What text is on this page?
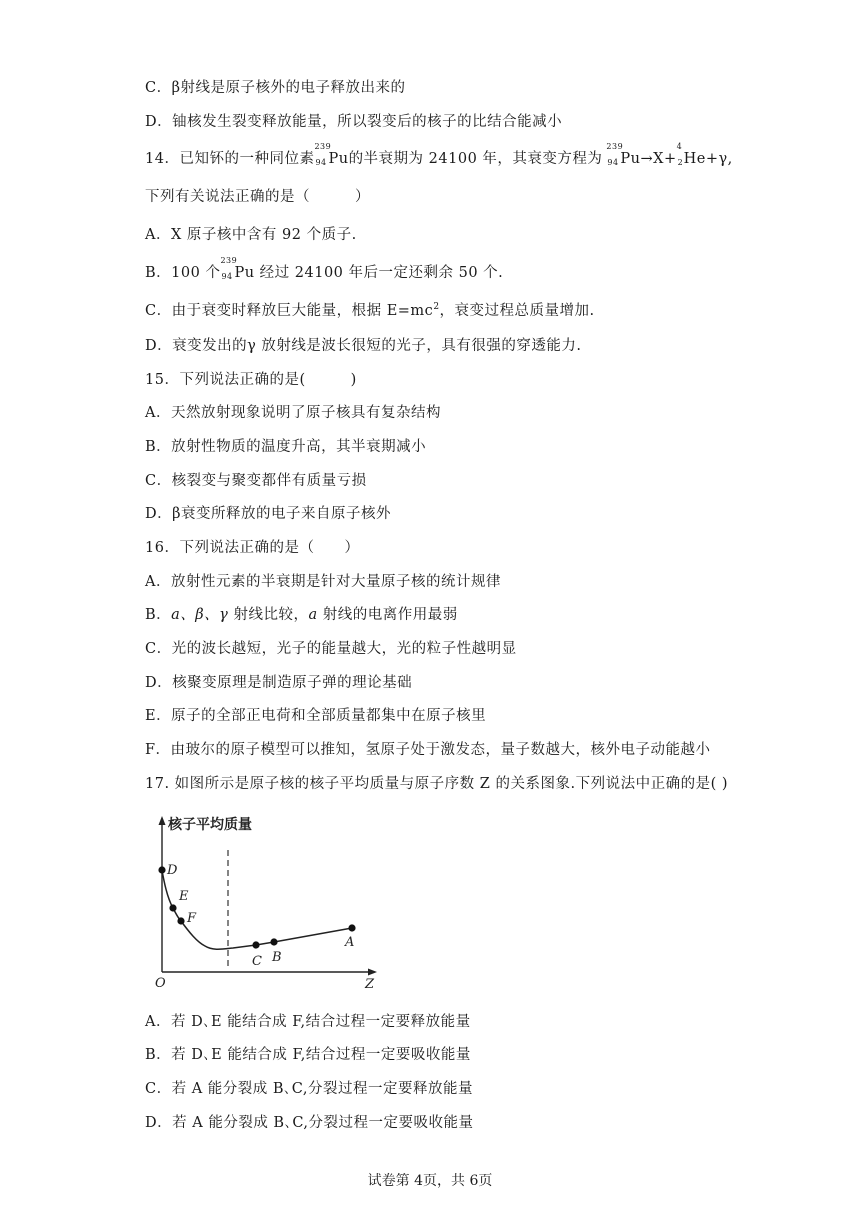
C．β射线是原子核外的电子释放出来的
D．铀核发生裂变释放能量，所以裂变后的核子的比结合能减小
14．已知钚的一种同位素
239
94 Pu的半衰期为 24100 年，其衰变方程为
239
94 Pu→X+
4
2 He+γ,
下列有关说法正确的是（　　　）
A．X 原子核中含有 92 个质子.
B．100 个
239
94 Pu 经过 24100 年后一定还剩余 50 个.
C．由于衰变时释放巨大能量，根据 $E=mc^2$，衰变过程总质量增加.
D．衰变发出的γ 放射线是波长很短的光子，具有很强的穿透能力.
15．下列说法正确的是(　　　)
A．天然放射现象说明了原子核具有复杂结构
B．放射性物质的温度升高，其半衰期减小
C．核裂变与聚变都伴有质量亏损
D．β衰变所释放的电子来自原子核外
16．下列说法正确的是（　　）
A．放射性元素的半衰期是针对大量原子核的统计规律
B．a、β、γ 射线比较，a 射线的电离作用最弱
C．光的波长越短，光子的能量越大，光的粒子性越明显
D．核聚变原理是制造原子弹的理论基础
E．原子的全部正电荷和全部质量都集中在原子核里
F．由玻尔的原子模型可以推知，氢原子处于激发态，量子数越大，核外电子动能越小
17. 如图所示是原子核的核子平均质量与原子序数 Z 的关系图象.下列说法中正确的是( )
核子平均质量
O	Z
D
E
F
C B
A
A．若 D､E 能结合成 F,结合过程一定要释放能量
B．若 D､E 能结合成 F,结合过程一定要吸收能量
C．若 A 能分裂成 B､C,分裂过程一定要释放能量
D．若 A 能分裂成 B､C,分裂过程一定要吸收能量
试卷第 4页，共 6页
